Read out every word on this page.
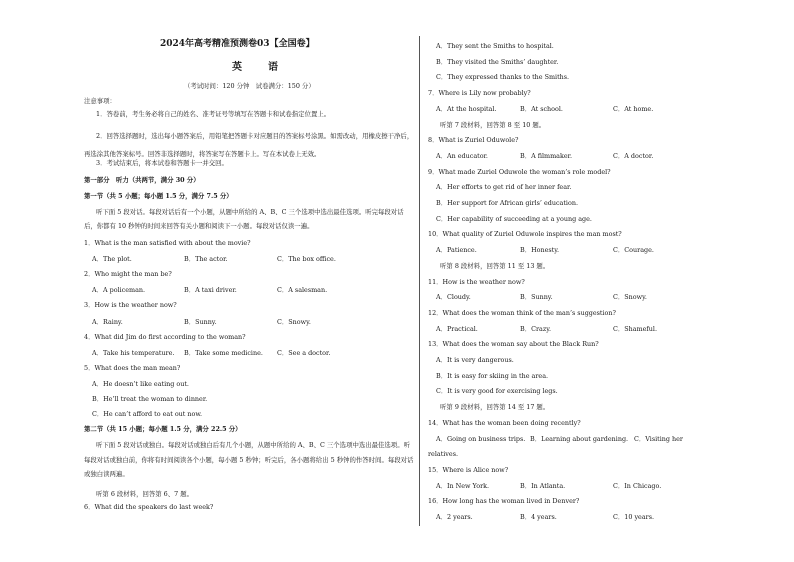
2024年高考精准预测卷03【全国卷】
英　语
（考试时间：120 分钟　试卷满分：150 分）
注意事项：
1．答卷前，考生务必将自己的姓名、准考证号等填写在答题卡和试卷指定位置上。
2．回答选择题时，选出每小题答案后，用铅笔把答题卡对应题目的答案标号涂黑。如需改动，用橡皮擦干净后，再选涂其他答案标号。回答非选择题时，将答案写在答题卡上。写在本试卷上无效。
3．考试结束后，将本试卷和答题卡一并交回。
第一部分　听力（共两节，满分 30 分）
第一节（共 5 小题；每小题 1.5 分，满分 7.5 分）
听下面 5 段对话。每段对话后有一个小题，从题中所给的 A、B、C 三个选项中选出最佳选项。听完每段对话后，你都有 10 秒钟的时间来回答有关小题和阅读下一小题。每段对话仅读一遍。
1．What is the man satisfied with about the movie?
A．The plot.	B．The actor.	C．The box office.
2．Who might the man be?
A．A policeman.	B．A taxi driver.	C．A salesman.
3．How is the weather now?
A．Rainy.	B．Sunny.	C．Snowy.
4．What did Jim do first according to the woman?
A．Take his temperature. B．Take some medicine. C．See a doctor.
5．What does the man mean?
A．He doesn’t like eating out.
B．He’ll treat the woman to dinner.
C．He can’t afford to eat out now.
6．What did the speakers do last week?
第二节（共 15 小题；每小题 1.5 分，满分 22.5 分）
听下面 5 段对话或独白。每段对话或独白后有几个小题，从题中所给的 A、B、C 三个选项中选出最佳选项。听每段对话或独白前，你将有时间阅读各个小题，每小题 5 秒钟；听完后，各小题将给出 5 秒钟的作答时间。每段对话或独白读两遍。
听第 6 段材料，回答第 6、7 题。
A．They sent the Smiths to hospital.
B．They visited the Smiths’ daughter.
C．They expressed thanks to the Smiths.
7．Where is Lily now probably?
A．At the hospital.	B．At school.	C．At home.
听第 7 段材料，回答第 8 至 10 题。
8．What is Zuriel Oduwole?
A．An educator.	B．A filmmaker.	C．A doctor.
9．What made Zuriel Oduwole the woman’s role model?
A．Her efforts to get rid of her inner fear.
B．Her support for African girls’ education.
C．Her capability of succeeding at a young age.
10．What quality of Zuriel Oduwole inspires the man most?
A．Patience.	B．Honesty.	C．Courage.
听第 8 段材料，回答第 11 至 13 题。
11．How is the weather now?
A．Cloudy.	B．Sunny.	C．Snowy.
12．What does the woman think of the man’s suggestion?
A．Practical.	B．Crazy.	C．Shameful.
13．What does the woman say about the Black Run?
A．It is very dangerous.
B．It is easy for skiing in the area.
C．It is very good for exercising legs.
听第 9 段材料，回答第 14 至 17 题。
14．What has the woman been doing recently?
A．Going on business trips. B．Learning about gardening. C．Visiting her
relatives.
15．Where is Alice now?
A．In New York.	B．In Atlanta.	C．In Chicago.
16．How long has the woman lived in Denver?
A．2 years.	B．4 years.	C．10 years.
